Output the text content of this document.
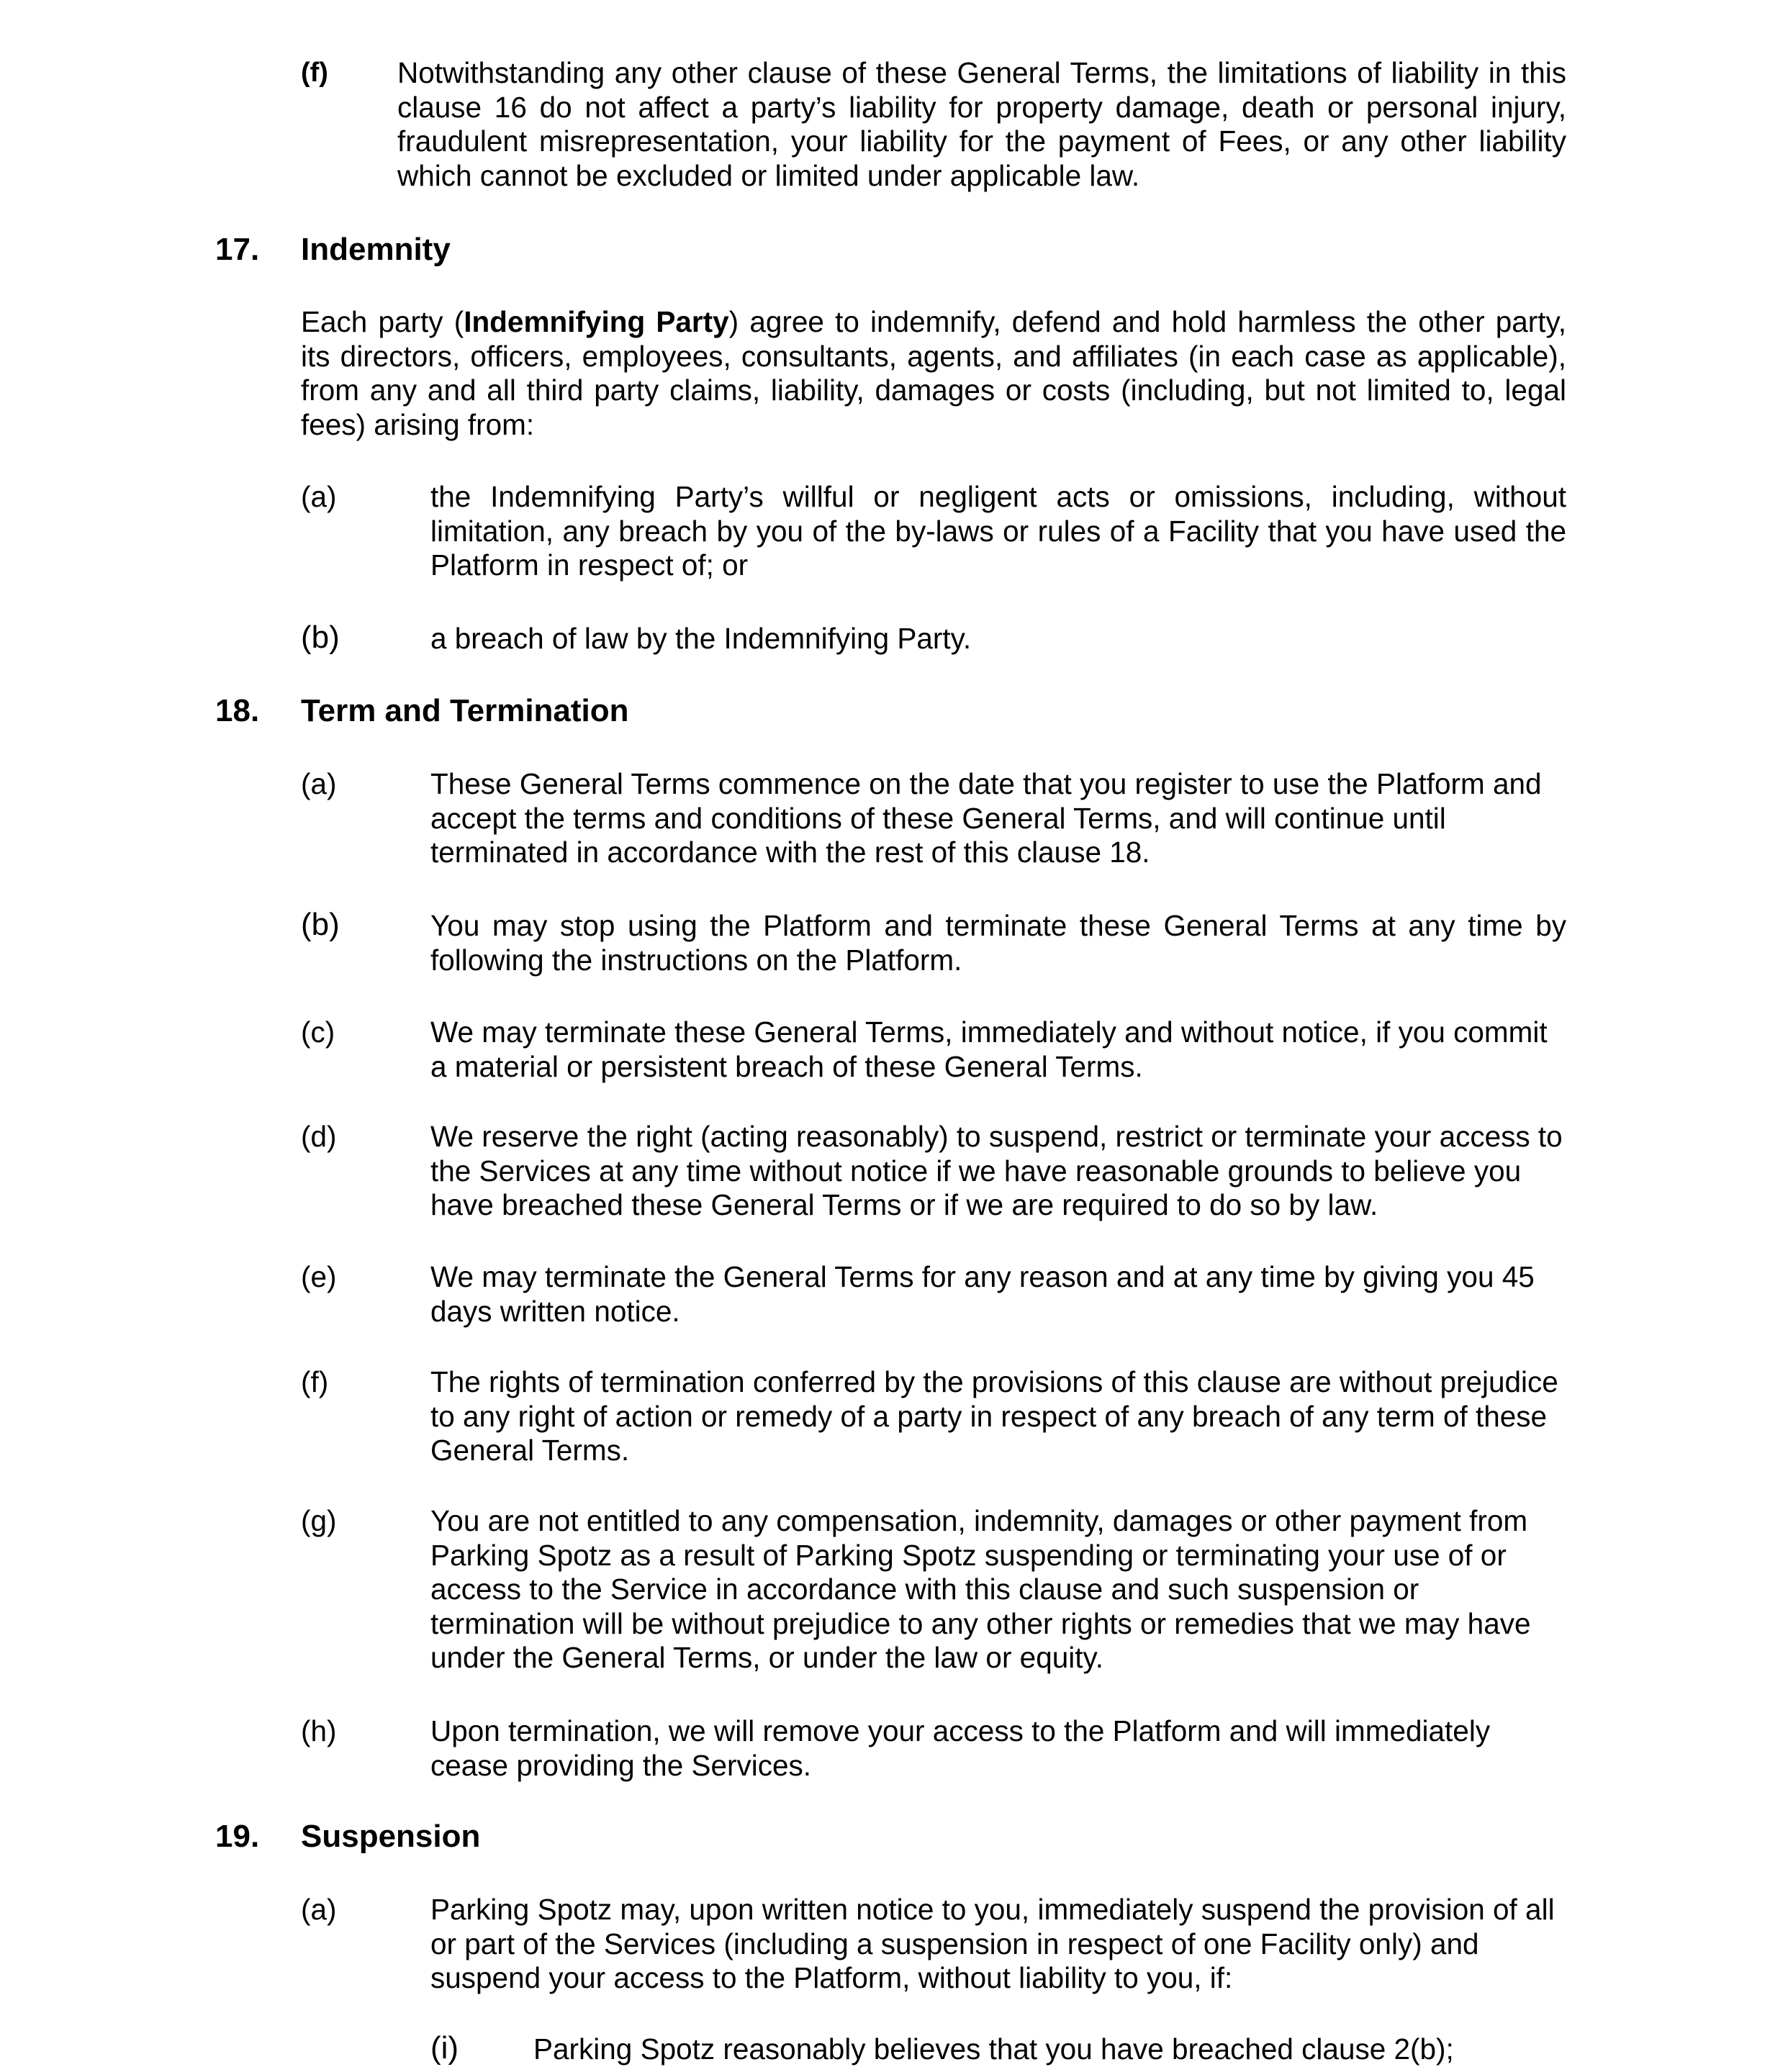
(f) Notwithstanding any other clause of these General Terms, the limitations of liability in this clause 16 do not affect a party’s liability for property damage, death or personal injury, fraudulent misrepresentation, your liability for the payment of Fees, or any other liability which cannot be excluded or limited under applicable law.

17. Indemnity

Each party (Indemnifying Party) agree to indemnify, defend and hold harmless the other party, its directors, officers, employees, consultants, agents, and affiliates (in each case as applicable), from any and all third party claims, liability, damages or costs (including, but not limited to, legal fees) arising from:

(a)	the Indemnifying Party’s willful or negligent acts or omissions, including, without limitation, any breach by you of the by-laws or rules of a Facility that you have used the Platform in respect of; or

(b)	a breach of law by the Indemnifying Party.

18. Term and Termination
(a)	These General Terms commence on the date that you register to use the Platform and accept the terms and conditions of these General Terms, and will continue until terminated in accordance with the rest of this clause 18.

(b)	You may stop using the Platform and terminate these General Terms at any time by following the instructions on the Platform.

(c)	We may terminate these General Terms, immediately and without notice, if you commit a material or persistent breach of these General Terms.

(d)	We reserve the right (acting reasonably) to suspend, restrict or terminate your access to the Services at any time without notice if we have reasonable grounds to believe you have breached these General Terms or if we are required to do so by law.

(e)	We may terminate the General Terms for any reason and at any time by giving you 45 days written notice.

(f)	The rights of termination conferred by the provisions of this clause are without prejudice to any right of action or remedy of a party in respect of any breach of any term of these General Terms.

(g)	You are not entitled to any compensation, indemnity, damages or other payment from Parking Spotz as a result of Parking Spotz suspending or terminating your use of or access to the Service in accordance with this clause and such suspension or termination will be without prejudice to any other rights or remedies that we may have under the General Terms, or under the law or equity.

(h)	Upon termination, we will remove your access to the Platform and will immediately cease providing the Services.

19. Suspension
(a)	Parking Spotz may, upon written notice to you, immediately suspend the provision of all or part of the Services (including a suspension in respect of one Facility only) and suspend your access to the Platform, without liability to you, if:

(i)	Parking Spotz reasonably believes that you have breached clause 2(b);
